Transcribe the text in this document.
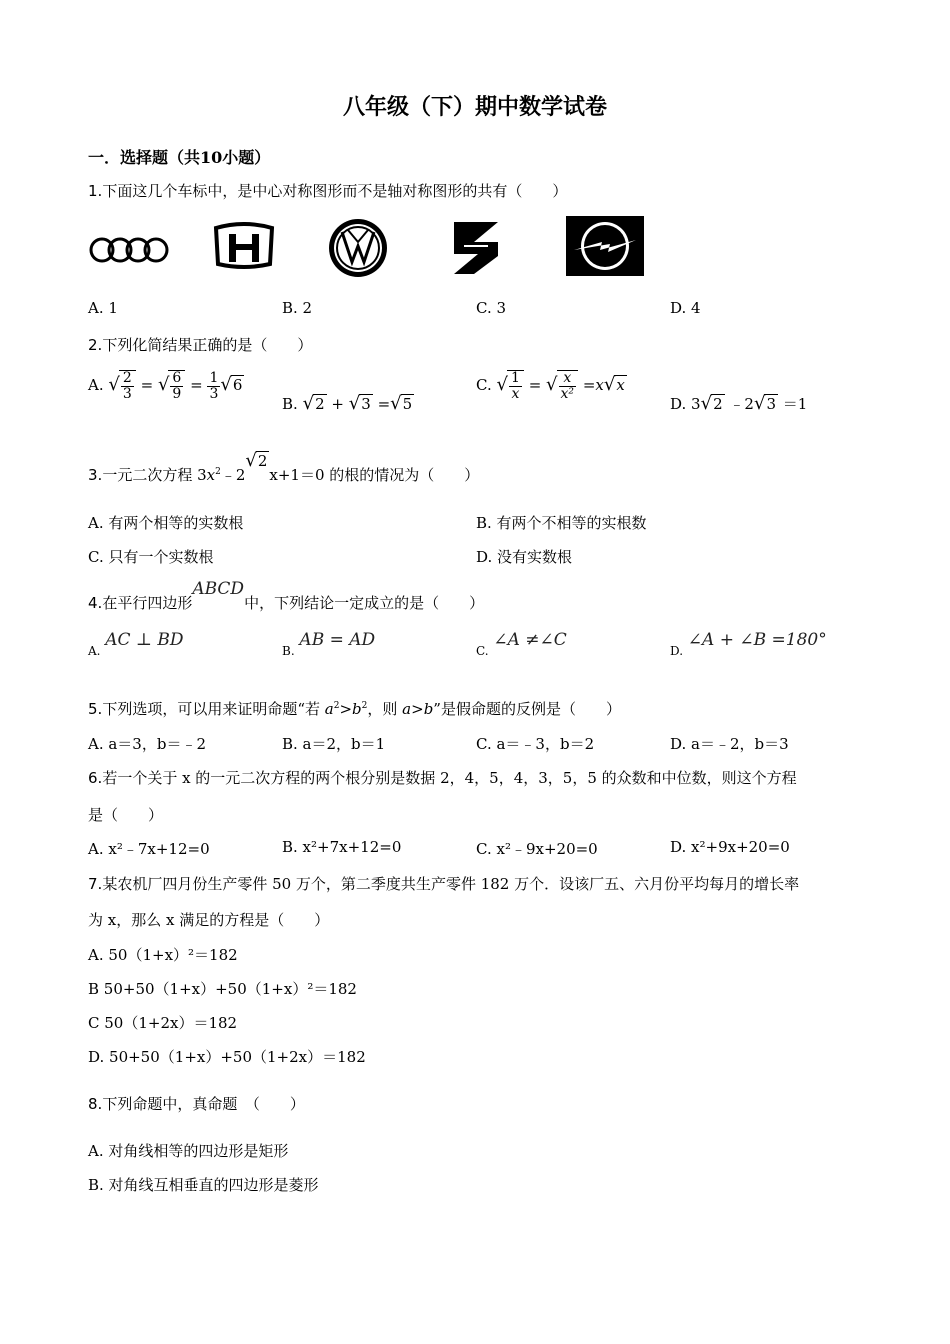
八年级（下）期中数学试卷
一．选择题（共10小题）
1.下面这几个车标中，是中心对称图形而不是轴对称图形的共有（　　）
A. 1	B. 2	C. 3	D. 4
2.下列化简结果正确的是（　　）
A. √ $\frac{2}{3}$ = √ $\frac{6}{9} = \frac{1}{3} √6$
B. √2 + √3 =√5
C. √ $\frac{1}{x}$ = √ $\frac{x}{\text{x²}} =x√x$
D. 3√2 ﹣2√3 ＝1
3.一元二次方程 $3x^2﹣2√2x+1=0$ 的根的情况为（　　）
A. 有两个相等的实数根	B. 有两个不相等的实根数
C. 只有一个实数根	D. 没有实数根
4.在平行四边形ABCD中，下列结论一定成立的是（　　）
A. AC ⊥ BD
B. AB = AD
C. ∠A ≠∠C
D. ∠A + ∠B =180°
5.下列选项，可以用来证明命题“若 $a^2>b^2$，则 a>b”是假命题的反例是（　　）
A. a＝3，b＝﹣2	B. a＝2，b＝1	C. a＝﹣3，b＝2	D. a＝﹣2，b＝3
6.若一个关于 x 的一元二次方程的两个根分别是数据 2，4，5，4，3，5，5 的众数和中位数，则这个方程
是（　　）
A. x²﹣7x+12=0	B. x²+7x+12=0	C. x²﹣9x+20=0	D. x²+9x+20=0
7.某农机厂四月份生产零件 50 万个，第二季度共生产零件 182 万个．设该厂五、六月份平均每月的增长率
为 x，那么 x 满足的方程是（　　）
A. 50（1+x）²＝182
B 50+50（1+x）+50（1+x）²＝182
C 50（1+2x）＝182
D. 50+50（1+x）+50（1+2x）＝182
8.下列命题中，真命题　（　　）
A. 对角线相等的四边形是矩形
B. 对角线互相垂直的四边形是菱形
